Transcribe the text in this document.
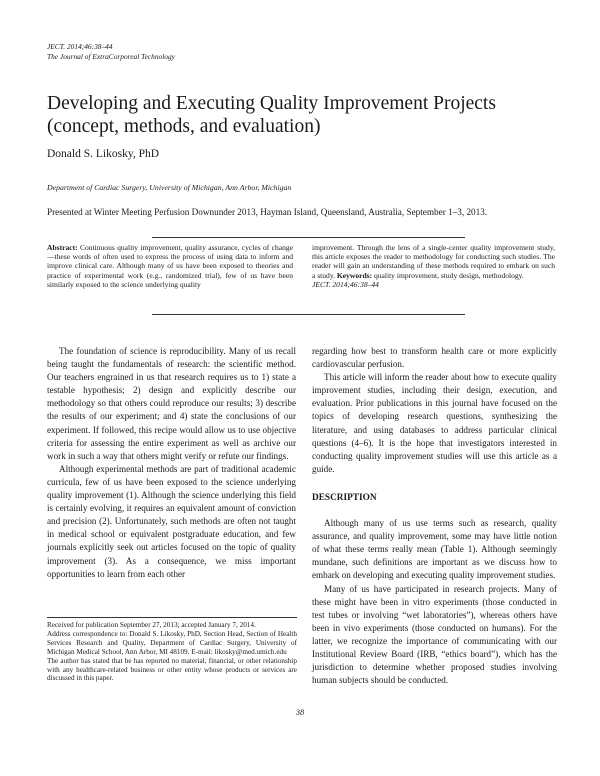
JECT. 2014;46:38–44
The Journal of ExtraCorporeal Technology
Developing and Executing Quality Improvement Projects
(concept, methods, and evaluation)
Donald S. Likosky, PhD
Department of Cardiac Surgery, University of Michigan, Ann Arbor, Michigan
Presented at Winter Meeting Perfusion Downunder 2013, Hayman Island, Queensland, Australia, September 1–3, 2013.
Abstract: Continuous quality improvement, quality assurance, cycles of change—these words of often used to express the process of using data to inform and improve clinical care. Although many of us have been exposed to theories and practice of experimental work (e.g., randomized trial), few of us have been similarly exposed to the science underlying quality
improvement. Through the lens of a single-center quality improvement study, this article exposes the reader to methodology for conducting such studies. The reader will gain an understanding of these methods required to embark on such a study. Keywords: quality improvement, study design, methodology.
JECT. 2014;46:38–44

The foundation of science is reproducibility. Many of us recall being taught the fundamentals of research: the scientific method. Our teachers engrained in us that research requires us to 1) state a testable hypothesis; 2) design and explicitly describe our methodology so that others could reproduce our results; 3) describe the results of our experiment; and 4) state the conclusions of our experiment. If followed, this recipe would allow us to use objective criteria for assessing the entire experiment as well as archive our work in such a way that others might verify or refute our findings.

Although experimental methods are part of traditional academic curricula, few of us have been exposed to the science underlying quality improvement (1). Although the science underlying this field is certainly evolving, it requires an equivalent amount of conviction and precision (2). Unfortunately, such methods are often not taught in medical school or equivalent postgraduate education, and few journals explicitly seek out articles focused on the topic of quality improvement (3). As a consequence, we miss important opportunities to learn from each other

regarding how best to transform health care or more explicitly cardiovascular perfusion.

This article will inform the reader about how to execute quality improvement studies, including their design, execution, and evaluation. Prior publications in this journal have focused on the topics of developing research questions, synthesizing the literature, and using databases to address particular clinical questions (4–6). It is the hope that investigators interested in conducting quality improvement studies will use this article as a guide.

DESCRIPTION

Although many of us use terms such as research, quality assurance, and quality improvement, some may have little notion of what these terms really mean (Table 1). Although seemingly mundane, such definitions are important as we discuss how to embark on developing and executing quality improvement studies.

Many of us have participated in research projects. Many of these might have been in vitro experiments (those conducted in test tubes or involving “wet laboratories”), whereas others have been in vivo experiments (those conducted on humans). For the latter, we recognize the importance of communicating with our Institutional Review Board (IRB, “ethics board”), which has the jurisdiction to determine whether proposed studies involving human subjects should be conducted.

Received for publication September 27, 2013; accepted January 7, 2014.

Address correspondence to: Donald S. Likosky, PhD, Section Head, Section of Health Services Research and Quality, Department of Cardiac Surgery, University of Michigan Medical School, Ann Arbor, MI 48109. E-mail: likosky@med.umich.edu

The author has stated that he has reported no material, financial, or other relationship with any healthcare-related business or other entity whose products or services are discussed in this paper.

38
